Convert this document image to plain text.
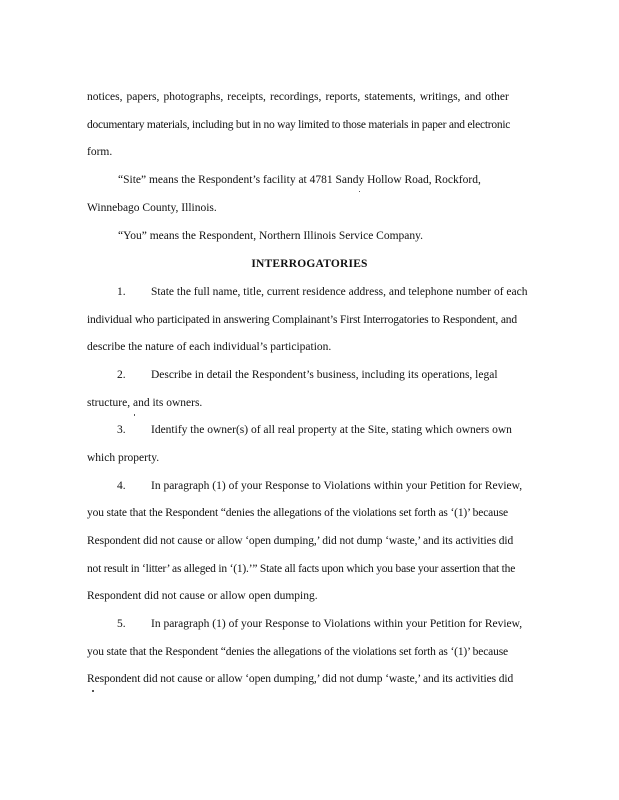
notices, papers, photographs, receipts, recordings, reports, statements, writings, and other
documentary materials, including but in no way limited to those materials in paper and electronic
form.
“Site” means the Respondent’s facility at 4781 Sandy Hollow Road, Rockford,
Winnebago County, Illinois.
“You” means the Respondent, Northern Illinois Service Company.
INTERROGATORIES
1. State the full name, title, current residence address, and telephone number of each
individual who participated in answering Complainant’s First Interrogatories to Respondent, and
describe the nature of each individual’s participation.
2. Describe in detail the Respondent’s business, including its operations, legal
structure, and its owners.
3. Identify the owner(s) of all real property at the Site, stating which owners own
which property.
4. In paragraph (1) of your Response to Violations within your Petition for Review,
you state that the Respondent “denies the allegations of the violations set forth as ‘(1)’ because
Respondent did not cause or allow ‘open dumping,’ did not dump ‘waste,’ and its activities did
not result in ‘litter’ as alleged in ‘(1).’” State all facts upon which you base your assertion that the
Respondent did not cause or allow open dumping.
5. In paragraph (1) of your Response to Violations within your Petition for Review,
you state that the Respondent “denies the allegations of the violations set forth as ‘(1)’ because
Respondent did not cause or allow ‘open dumping,’ did not dump ‘waste,’ and its activities did
